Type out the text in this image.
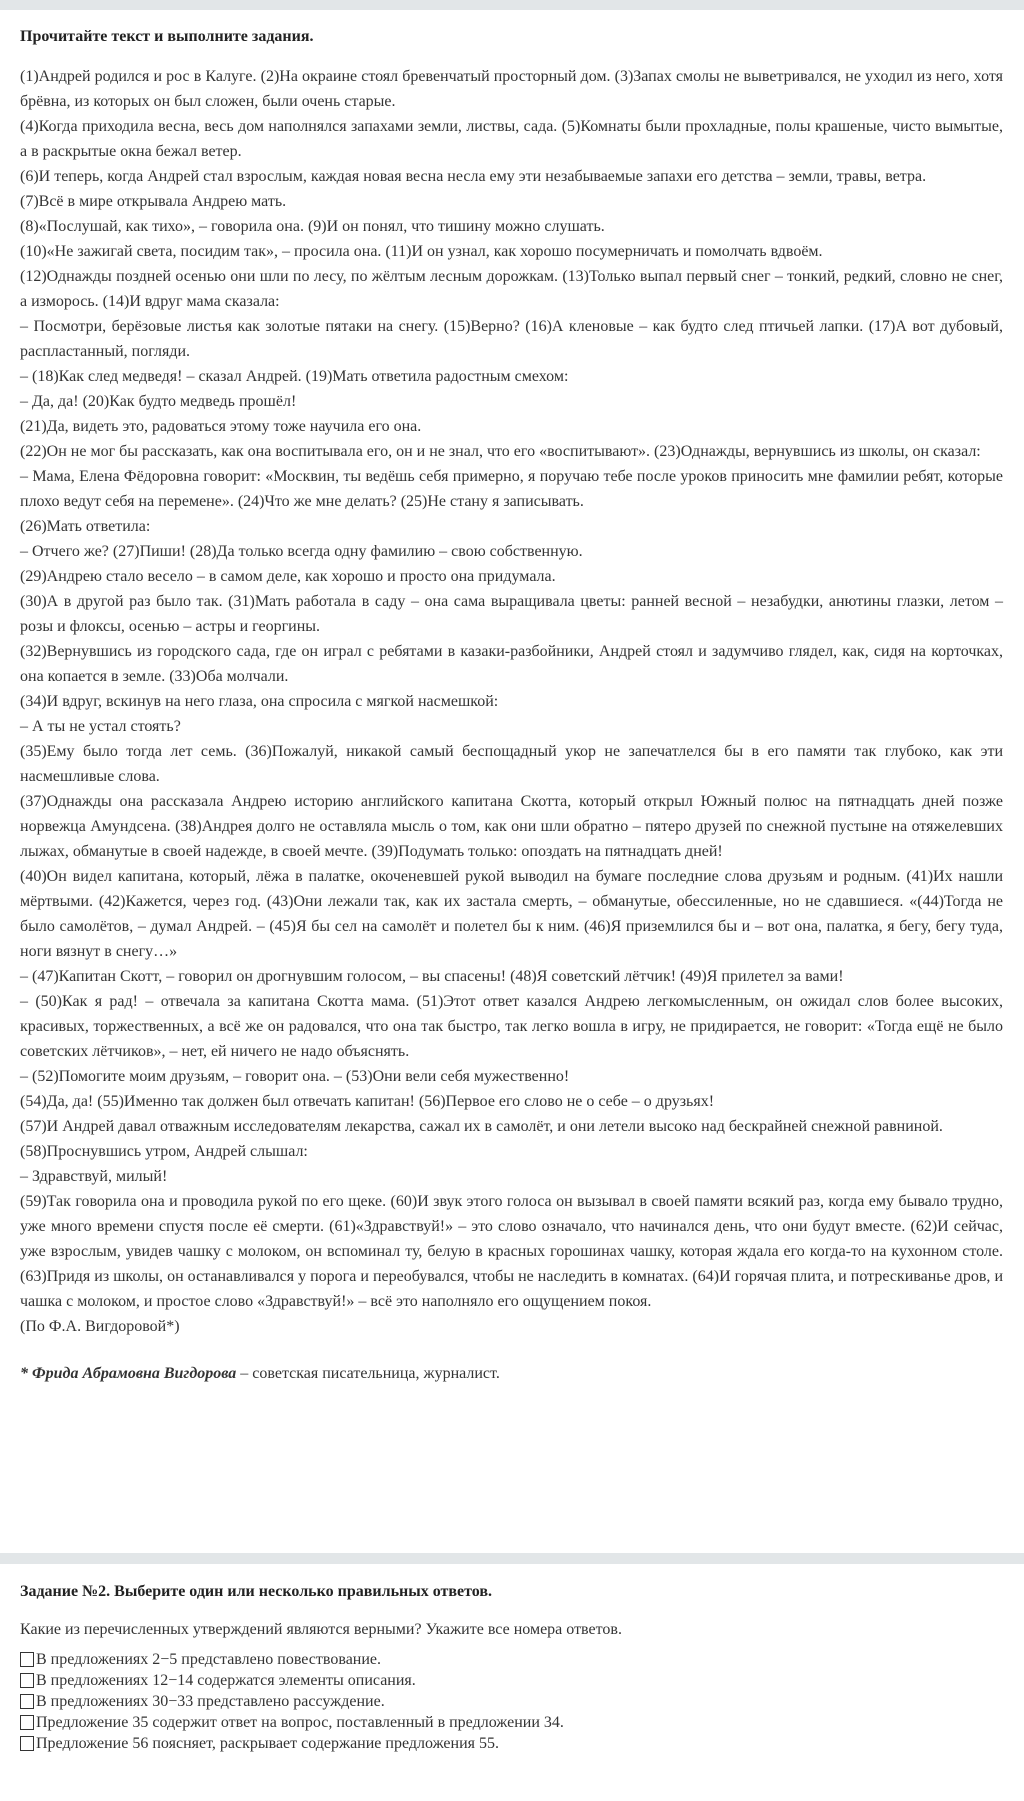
Прочитайте текст и выполните задания.

(1)Андрей родился и рос в Калуге. (2)На окраине стоял бревенчатый просторный дом. (3)Запах смолы не выветривался, не уходил из него, хотя брёвна, из которых он был сложен, были очень старые.

(4)Когда приходила весна, весь дом наполнялся запахами земли, листвы, сада. (5)Комнаты были прохладные, полы крашеные, чисто вымытые, а в раскрытые окна бежал ветер.

(6)И теперь, когда Андрей стал взрослым, каждая новая весна несла ему эти незабываемые запахи его детства – земли, травы, ветра.

(7)Всё в мире открывала Андрею мать.

(8)«Послушай, как тихо», – говорила она. (9)И он понял, что тишину можно слушать.

(10)«Не зажигай света, посидим так», – просила она. (11)И он узнал, как хорошо посумерничать и помолчать вдвоём.

(12)Однажды поздней осенью они шли по лесу, по жёлтым лесным дорожкам. (13)Только выпал первый снег – тонкий, редкий, словно не снег, а изморось. (14)И вдруг мама сказала:

– Посмотри, берёзовые листья как золотые пятаки на снегу. (15)Верно? (16)А кленовые – как будто след птичьей лапки. (17)А вот дубовый, распластанный, погляди.

– (18)Как след медведя! – сказал Андрей. (19)Мать ответила радостным смехом:

– Да, да! (20)Как будто медведь прошёл!

(21)Да, видеть это, радоваться этому тоже научила его она.

(22)Он не мог бы рассказать, как она воспитывала его, он и не знал, что его «воспитывают». (23)Однажды, вернувшись из школы, он сказал:

– Мама, Елена Фёдоровна говорит: «Москвин, ты ведёшь себя примерно, я поручаю тебе после уроков приносить мне фамилии ребят, которые плохо ведут себя на перемене». (24)Что же мне делать? (25)Не стану я записывать.

(26)Мать ответила:

– Отчего же? (27)Пиши! (28)Да только всегда одну фамилию – свою собственную.

(29)Андрею стало весело – в самом деле, как хорошо и просто она придумала.

(30)А в другой раз было так. (31)Мать работала в саду – она сама выращивала цветы: ранней весной – незабудки, анютины глазки, летом – розы и флоксы, осенью – астры и георгины.

(32)Вернувшись из городского сада, где он играл с ребятами в казаки-разбойники, Андрей стоял и задумчиво глядел, как, сидя на корточках, она копается в земле. (33)Оба молчали.

(34)И вдруг, вскинув на него глаза, она спросила с мягкой насмешкой:

– А ты не устал стоять?

(35)Ему было тогда лет семь. (36)Пожалуй, никакой самый беспощадный укор не запечатлелся бы в его памяти так глубоко, как эти насмешливые слова.

(37)Однажды она рассказала Андрею историю английского капитана Скотта, который открыл Южный полюс на пятнадцать дней позже норвежца Амундсена. (38)Андрея долго не оставляла мысль о том, как они шли обратно – пятеро друзей по снежной пустыне на отяжелевших лыжах, обманутые в своей надежде, в своей мечте. (39)Подумать только: опоздать на пятнадцать дней!

(40)Он видел капитана, который, лёжа в палатке, окоченевшей рукой выводил на бумаге последние слова друзьям и родным. (41)Их нашли мёртвыми. (42)Кажется, через год. (43)Они лежали так, как их застала смерть, – обманутые, обессиленные, но не сдавшиеся. «(44)Тогда не было самолётов, – думал Андрей. – (45)Я бы сел на самолёт и полетел бы к ним. (46)Я приземлился бы и – вот она, палатка, я бегу, бегу туда, ноги вязнут в снегу…»

– (47)Капитан Скотт, – говорил он дрогнувшим голосом, – вы спасены! (48)Я советский лётчик! (49)Я прилетел за вами!

– (50)Как я рад! – отвечала за капитана Скотта мама. (51)Этот ответ казался Андрею легкомысленным, он ожидал слов более высоких, красивых, торжественных, а всё же он радовался, что она так быстро, так легко вошла в игру, не придирается, не говорит: «Тогда ещё не было советских лётчиков», – нет, ей ничего не надо объяснять.

– (52)Помогите моим друзьям, – говорит она. – (53)Они вели себя мужественно!

(54)Да, да! (55)Именно так должен был отвечать капитан! (56)Первое его слово не о себе – о друзьях!

(57)И Андрей давал отважным исследователям лекарства, сажал их в самолёт, и они летели высоко над бескрайней снежной равниной.

(58)Проснувшись утром, Андрей слышал:

– Здравствуй, милый!

(59)Так говорила она и проводила рукой по его щеке. (60)И звук этого голоса он вызывал в своей памяти всякий раз, когда ему бывало трудно, уже много времени спустя после её смерти. (61)«Здравствуй!» – это слово означало, что начинался день, что они будут вместе. (62)И сейчас, уже взрослым, увидев чашку с молоком, он вспоминал ту, белую в красных горошинах чашку, которая ждала его когда-то на кухонном столе. (63)Придя из школы, он останавливался у порога и переобувался, чтобы не наследить в комнатах. (64)И горячая плита, и потрескиванье дров, и чашка с молоком, и простое слово «Здравствуй!» – всё это наполняло его ощущением покоя.

(По Ф.А. Вигдоровой*)

* Фрида Абрамовна Вигдорова – советская писательница, журналист.
Задание №2. Выберите один или несколько правильных ответов.
Какие из перечисленных утверждений являются верными? Укажите все номера ответов.
В предложениях 2−5 представлено повествование.
В предложениях 12−14 содержатся элементы описания.
В предложениях 30−33 представлено рассуждение.
Предложение 35 содержит ответ на вопрос, поставленный в предложении 34.
Предложение 56 поясняет, раскрывает содержание предложения 55.
